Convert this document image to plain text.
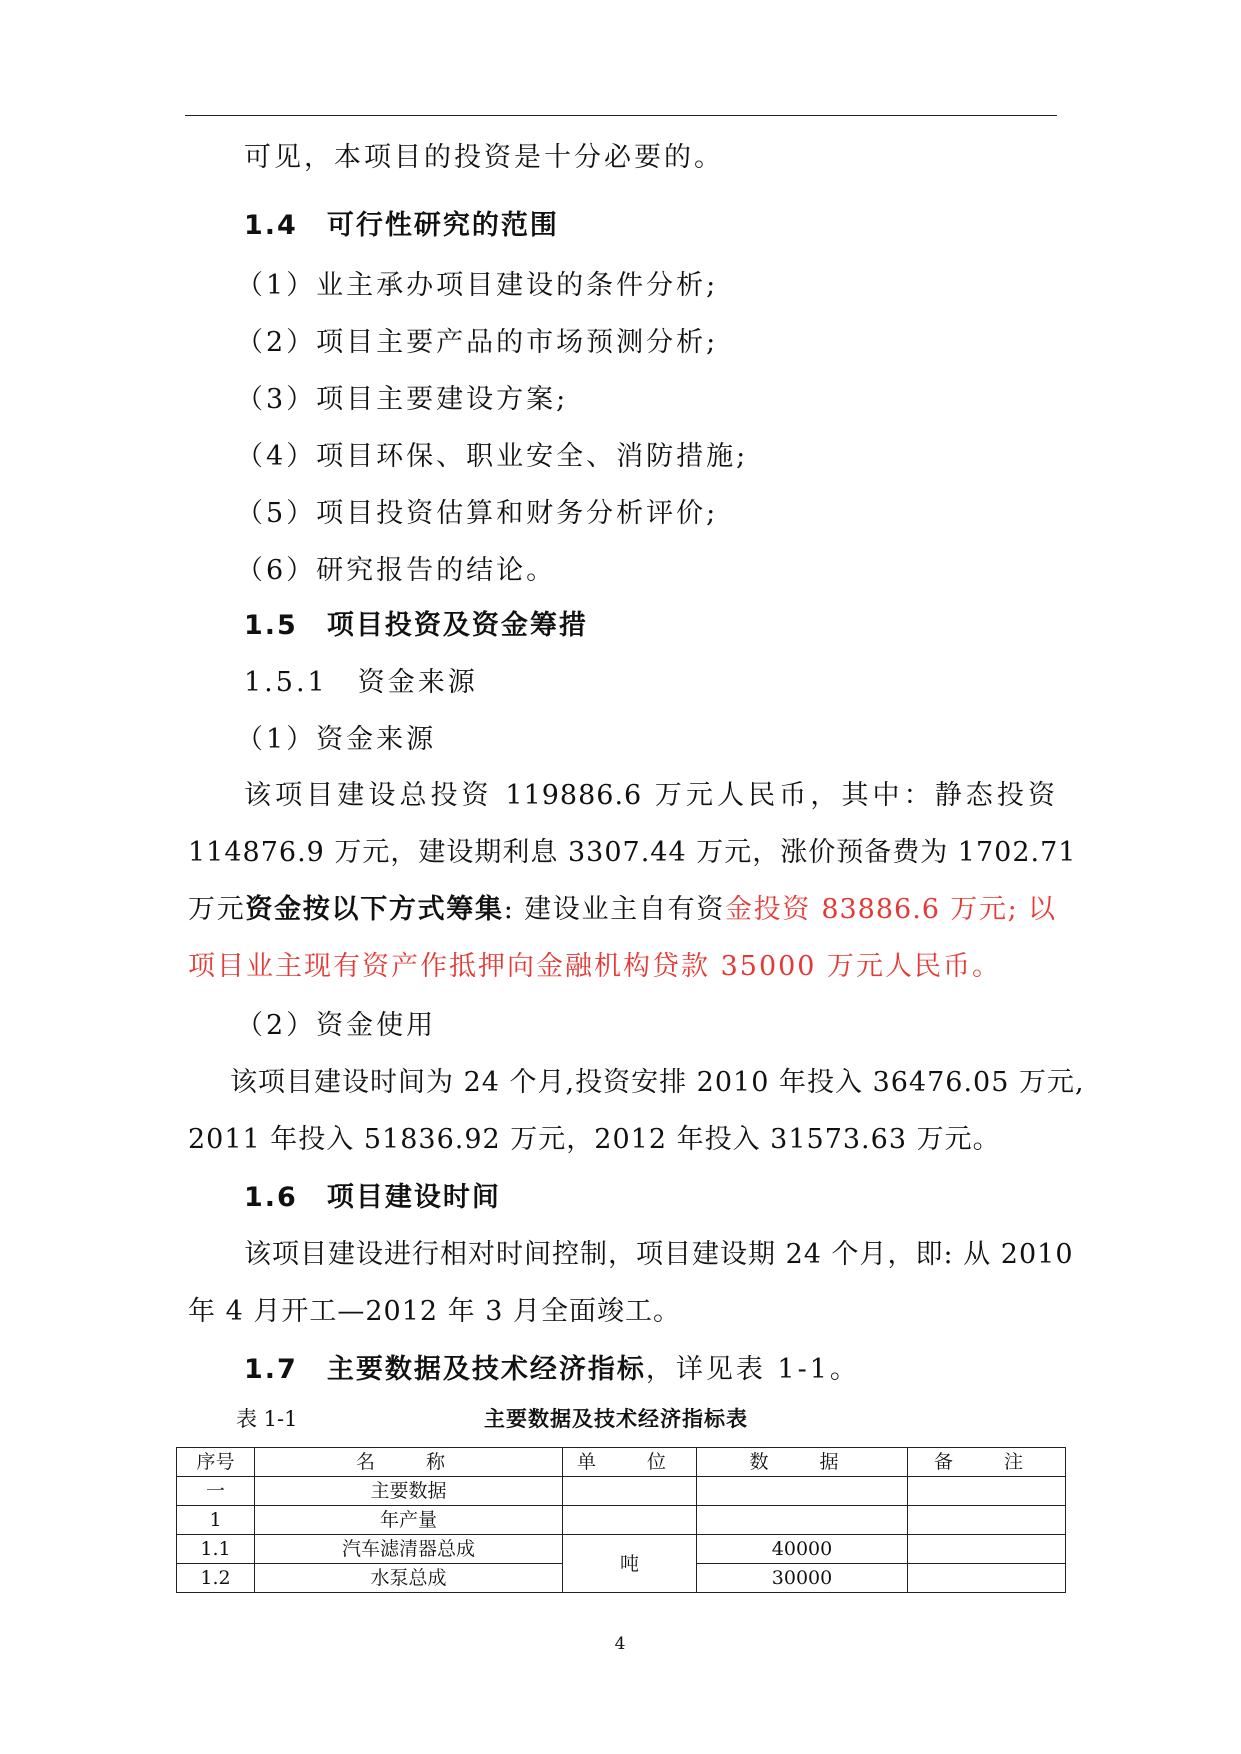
可见，本项目的投资是十分必要的。
1.4　可行性研究的范围
（1）业主承办项目建设的条件分析;
（2）项目主要产品的市场预测分析;
（3）项目主要建设方案;
（4）项目环保、职业安全、消防措施;
（5）项目投资估算和财务分析评价;
（6）研究报告的结论。
1.5　项目投资及资金筹措
1.5.1　资金来源
（1）资金来源
该项目建设总投资 119886.6 万元人民币，其中：静态投资
114876.9 万元，建设期利息 3307.44 万元，涨价预备费为 1702.71
万元资金按以下方式筹集: 建设业主自有资金投资 83886.6 万元; 以
项目业主现有资产作抵押向金融机构贷款 35000 万元人民币。
（2）资金使用
该项目建设时间为 24 个月,投资安排 2010 年投入 36476.05 万元,
2011 年投入 51836.92 万元，2012 年投入 31573.63 万元。
1.6　项目建设时间
该项目建设进行相对时间控制，项目建设期 24 个月，即: 从 2010
年 4 月开工—2012 年 3 月全面竣工。
1.7　主要数据及技术经济指标，详见表 1-1。
表 1-1	主要数据及技术经济指标表
序号	名　称	单　位	数　据	备　注
一	主要数据			
1	年产量			
1.1	汽车滤清器总成	吨	40000	
1.2	水泵总成		30000	
4
